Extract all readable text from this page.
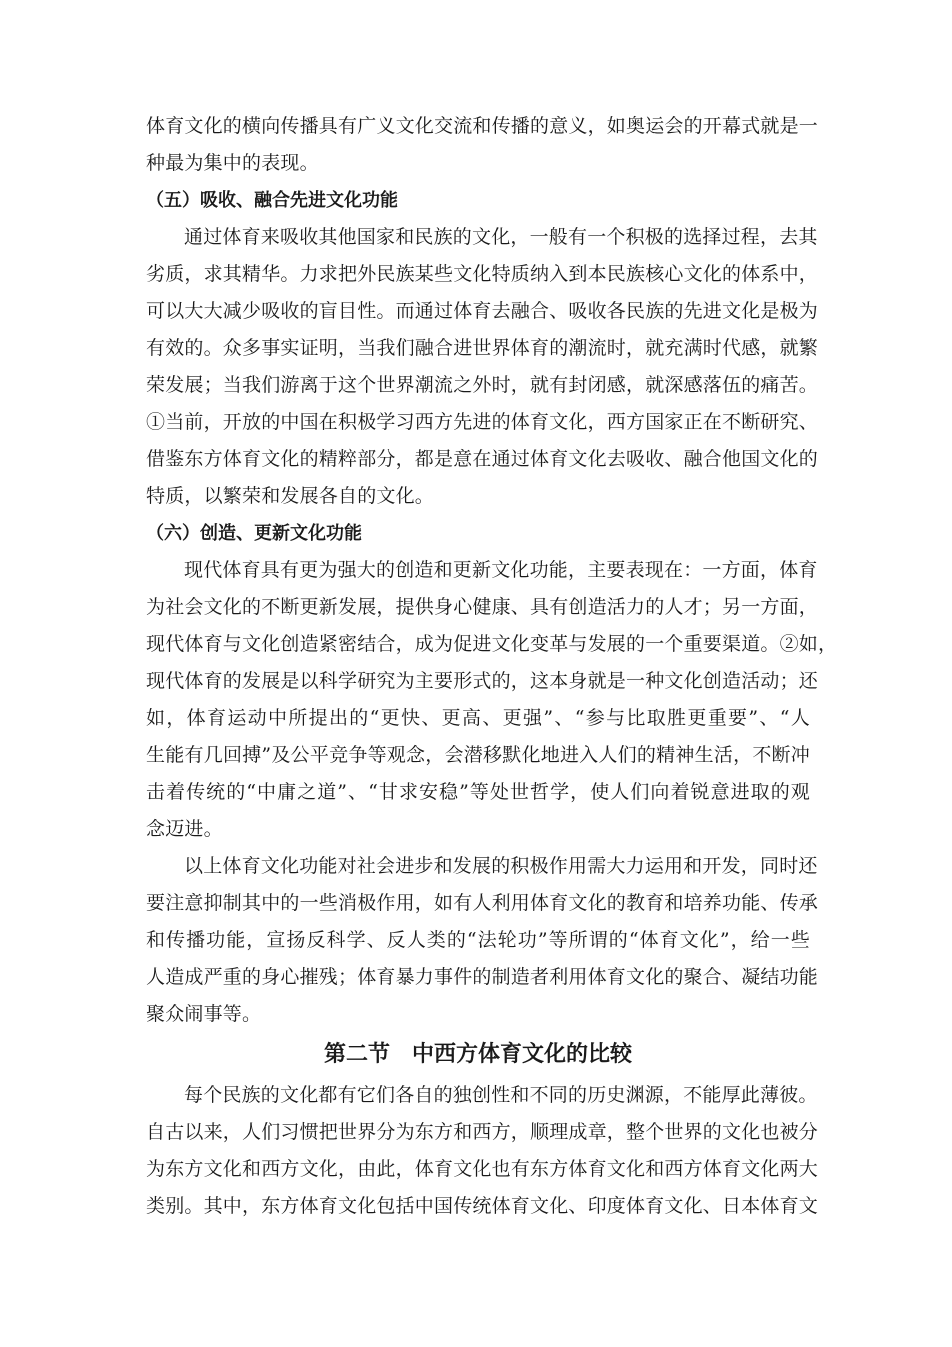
体育文化的横向传播具有广义文化交流和传播的意义，如奥运会的开幕式就是一
种最为集中的表现。
（五）吸收、融合先进文化功能
通过体育来吸收其他国家和民族的文化，一般有一个积极的选择过程，去其
劣质，求其精华。力求把外民族某些文化特质纳入到本民族核心文化的体系中，
可以大大减少吸收的盲目性。而通过体育去融合、吸收各民族的先进文化是极为
有效的。众多事实证明，当我们融合进世界体育的潮流时，就充满时代感，就繁
荣发展；当我们游离于这个世界潮流之外时，就有封闭感，就深感落伍的痛苦。
①当前，开放的中国在积极学习西方先进的体育文化，西方国家正在不断研究、
借鉴东方体育文化的精粹部分，都是意在通过体育文化去吸收、融合他国文化的
特质，以繁荣和发展各自的文化。
（六）创造、更新文化功能
现代体育具有更为强大的创造和更新文化功能，主要表现在：一方面，体育
为社会文化的不断更新发展，提供身心健康、具有创造活力的人才；另一方面，
现代体育与文化创造紧密结合，成为促进文化变革与发展的一个重要渠道。②如，
现代体育的发展是以科学研究为主要形式的，这本身就是一种文化创造活动；还
如，体育运动中所提出的“更快、更高、更强”、“参与比取胜更重要”、“人
生能有几回搏”及公平竞争等观念，会潜移默化地进入人们的精神生活，不断冲
击着传统的“中庸之道”、“甘求安稳”等处世哲学，使人们向着锐意进取的观
念迈进。
以上体育文化功能对社会进步和发展的积极作用需大力运用和开发，同时还
要注意抑制其中的一些消极作用，如有人利用体育文化的教育和培养功能、传承
和传播功能，宣扬反科学、反人类的“法轮功”等所谓的“体育文化”，给一些
人造成严重的身心摧残；体育暴力事件的制造者利用体育文化的聚合、凝结功能
聚众闹事等。
第二节　中西方体育文化的比较
每个民族的文化都有它们各自的独创性和不同的历史渊源，不能厚此薄彼。
自古以来，人们习惯把世界分为东方和西方，顺理成章，整个世界的文化也被分
为东方文化和西方文化，由此，体育文化也有东方体育文化和西方体育文化两大
类别。其中，东方体育文化包括中国传统体育文化、印度体育文化、日本体育文
